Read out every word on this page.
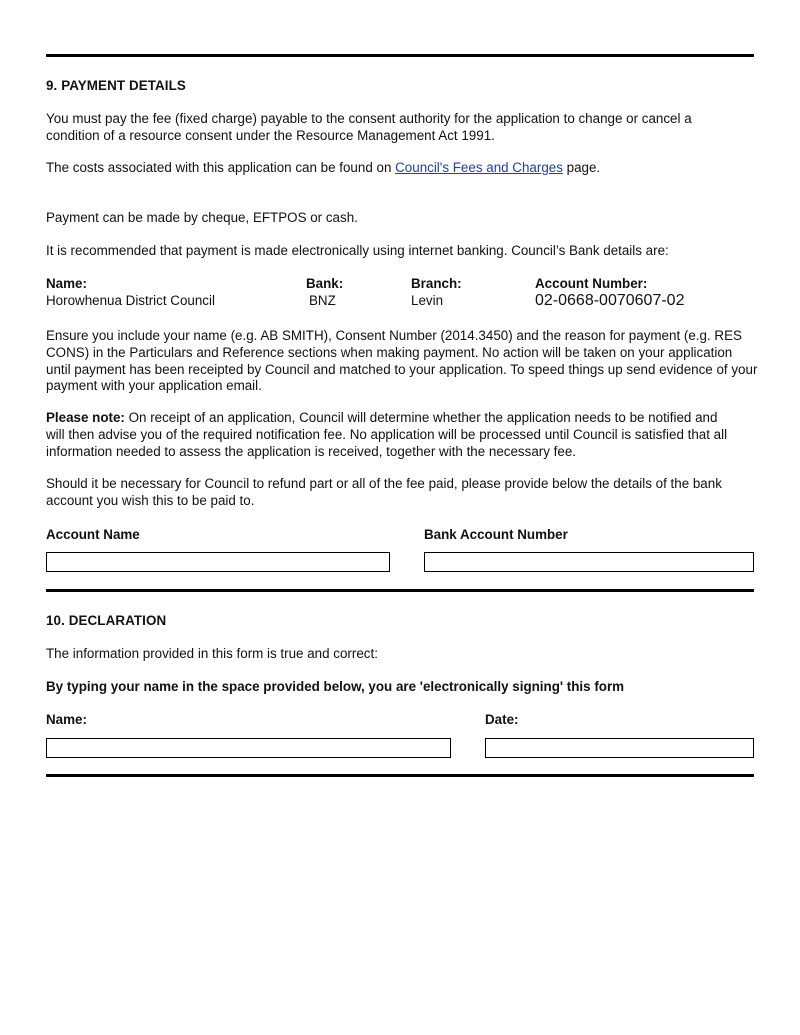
9. PAYMENT DETAILS

You must pay the fee (fixed charge) payable to the consent authority for the application to change or cancel a condition of a resource consent under the Resource Management Act 1991.

The costs associated with this application can be found on Council's Fees and Charges page.

Payment can be made by cheque, EFTPOS or cash.

It is recommended that payment is made electronically using internet banking. Council’s Bank details are:

Name:
Horowhenua District Council
Bank:
BNZ
Branch:
Levin
Account Number:
02-0668-0070607-02

Ensure you include your name (e.g. AB SMITH), Consent Number (2014.3450) and the reason for payment (e.g. RES CONS) in the Particulars and Reference sections when making payment. No action will be taken on your application until payment has been receipted by Council and matched to your application. To speed things up send evidence of your payment with your application email.

Please note: On receipt of an application, Council will determine whether the application needs to be notified and will then advise you of the required notification fee. No application will be processed until Council is satisfied that all information needed to assess the application is received, together with the necessary fee.

Should it be necessary for Council to refund part or all of the fee paid, please provide below the details of the bank account you wish this to be paid to.

Account Name	Bank Account Number
10. DECLARATION

The information provided in this form is true and correct:

By typing your name in the space provided below, you are 'electronically signing' this form

Name:	Date:
